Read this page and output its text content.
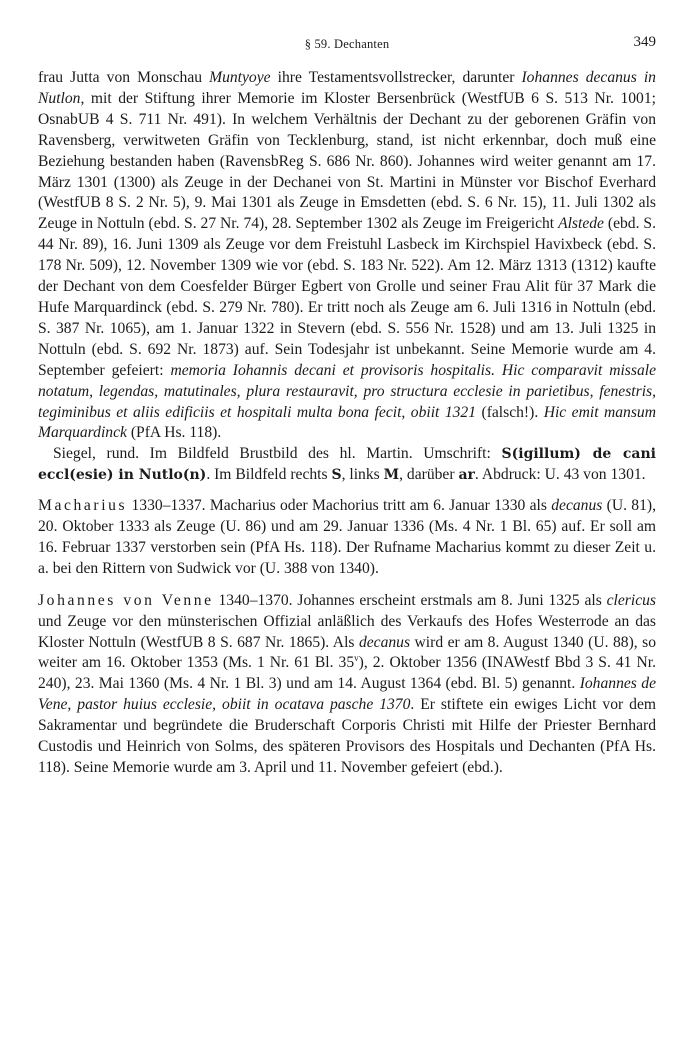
§ 59. Dechanten	349

frau Jutta von Monschau Muntyoye ihre Testamentsvollstrecker, darunter Iohannes decanus in Nutlon, mit der Stiftung ihrer Memorie im Kloster Bersenbrück (WestfUB 6 S. 513 Nr. 1001; OsnabUB 4 S. 711 Nr. 491). In welchem Verhältnis der Dechant zu der geborenen Gräfin von Ravensberg, verwitweten Gräfin von Tecklenburg, stand, ist nicht erkennbar, doch muß eine Beziehung bestanden haben (RavensbReg S. 686 Nr. 860). Johannes wird weiter genannt am 17. März 1301 (1300) als Zeuge in der Dechanei von St. Martini in Münster vor Bischof Everhard (WestfUB 8 S. 2 Nr. 5), 9. Mai 1301 als Zeuge in Emsdetten (ebd. S. 6 Nr. 15), 11. Juli 1302 als Zeuge in Nottuln (ebd. S. 27 Nr. 74), 28. September 1302 als Zeuge im Freigericht Alstede (ebd. S. 44 Nr. 89), 16. Juni 1309 als Zeuge vor dem Freistuhl Lasbeck im Kirchspiel Havixbeck (ebd. S. 178 Nr. 509), 12. November 1309 wie vor (ebd. S. 183 Nr. 522). Am 12. März 1313 (1312) kaufte der Dechant von dem Coesfelder Bürger Egbert von Grolle und seiner Frau Alit für 37 Mark die Hufe Marquardinck (ebd. S. 279 Nr. 780). Er tritt noch als Zeuge am 6. Juli 1316 in Nottuln (ebd. S. 387 Nr. 1065), am 1. Januar 1322 in Stevern (ebd. S. 556 Nr. 1528) und am 13. Juli 1325 in Nottuln (ebd. S. 692 Nr. 1873) auf. Sein Todesjahr ist unbekannt. Seine Memorie wurde am 4. September gefeiert: memoria Iohannis decani et provisoris hospitalis. Hic comparavit missale notatum, legendas, matutinales, plura restauravit, pro structura ecclesie in parietibus, fenestris, tegiminibus et aliis edificiis et hospitali multa bona fecit, obiit 1321 (falsch!). Hic emit mansum Marquardinck (PfA Hs. 118).

Siegel, rund. Im Bildfeld Brustbild des hl. Martin. Umschrift: S(igillum) de cani eccl(esie) in Nutlo(n). Im Bildfeld rechts S, links M, darüber ar. Abdruck: U. 43 von 1301.

Macharius 1330–1337. Macharius oder Machorius tritt am 6. Januar 1330 als decanus (U. 81), 20. Oktober 1333 als Zeuge (U. 86) und am 29. Januar 1336 (Ms. 4 Nr. 1 Bl. 65) auf. Er soll am 16. Februar 1337 verstorben sein (PfA Hs. 118). Der Rufname Macharius kommt zu dieser Zeit u. a. bei den Rittern von Sudwick vor (U. 388 von 1340).

Johannes von Venne 1340–1370. Johannes erscheint erstmals am 8. Juni 1325 als clericus und Zeuge vor den münsterischen Offizial anläßlich des Verkaufs des Hofes Westerrode an das Kloster Nottuln (WestfUB 8 S. 687 Nr. 1865). Als decanus wird er am 8. August 1340 (U. 88), so weiter am 16. Oktober 1353 (Ms. 1 Nr. 61 Bl. 35$^v$), 2. Oktober 1356 (INAWestf Bbd 3 S. 41 Nr. 240), 23. Mai 1360 (Ms. 4 Nr. 1 Bl. 3) und am 14. August 1364 (ebd. Bl. 5) genannt. Iohannes de Vene, pastor huius ecclesie, obiit in ocatava pasche 1370. Er stiftete ein ewiges Licht vor dem Sakramentar und begründete die Bruderschaft Corporis Christi mit Hilfe der Priester Bernhard Custodis und Heinrich von Solms, des späteren Provisors des Hospitals und Dechanten (PfA Hs. 118). Seine Memorie wurde am 3. April und 11. November gefeiert (ebd.).
